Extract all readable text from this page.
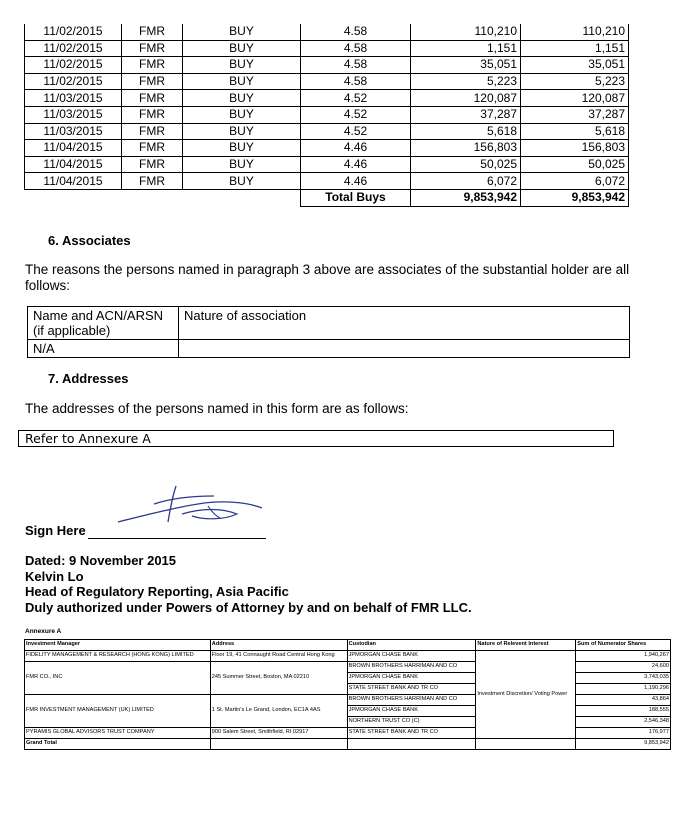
11/02/2015	FMR	BUY	4.58	110,210	110,210
11/02/2015	FMR	BUY	4.58	1,151	1,151
11/02/2015	FMR	BUY	4.58	35,051	35,051
11/02/2015	FMR	BUY	4.58	5,223	5,223
11/03/2015	FMR	BUY	4.52	120,087	120,087
11/03/2015	FMR	BUY	4.52	37,287	37,287
11/03/2015	FMR	BUY	4.52	5,618	5,618
11/04/2015	FMR	BUY	4.46	156,803	156,803
11/04/2015	FMR	BUY	4.46	50,025	50,025
11/04/2015	FMR	BUY	4.46	6,072	6,072
			Total Buys	9,853,942	9,853,942
6. Associates
The reasons the persons named in paragraph 3 above are associates of the substantial holder are all follows:
Name and ACN/ARSN (if applicable)	Nature of association
N/A	
7. Addresses
The addresses of the persons named in this form are as follows:
Refer to Annexure A
Sign Here
Dated: 9 November 2015
Kelvin Lo
Head of Regulatory Reporting, Asia Pacific
Duly authorized under Powers of Attorney by and on behalf of FMR LLC.
Annexure A
Investment Manager	Address	Custodian	Nature of Relevent Interest	Sum of Numerator Shares
FIDELITY MANAGEMENT & RESEARCH (HONG KONG) LIMITED	Floor 19, 41 Connaught Road Central Hong Kong	JPMORGAN CHASE BANK	Investment Discretion/ Voting Power	1,940,267
FMR CO., INC	245 Summer Street, Boston, MA 02210	BROWN BROTHERS HARRIMAN AND CO		24,600
		JPMORGAN CHASE BANK		3,743,035
		STATE STREET BANK AND TR CO		1,190,296
FMR INVESTMENT MANAGEMENT (UK) LIMITED	1 St. Martin's Le Grand, London, EC1A 4AS	BROWN BROTHERS HARRIMAN AND CO		43,864
		JPMORGAN CHASE BANK		188,555
		NORTHERN TRUST CO (C)		2,546,348
PYRAMIS GLOBAL ADVISORS TRUST COMPANY	900 Salem Street, Smithfield, RI 02917	STATE STREET BANK AND TR CO		176,977
Grand Total				9,853,942
